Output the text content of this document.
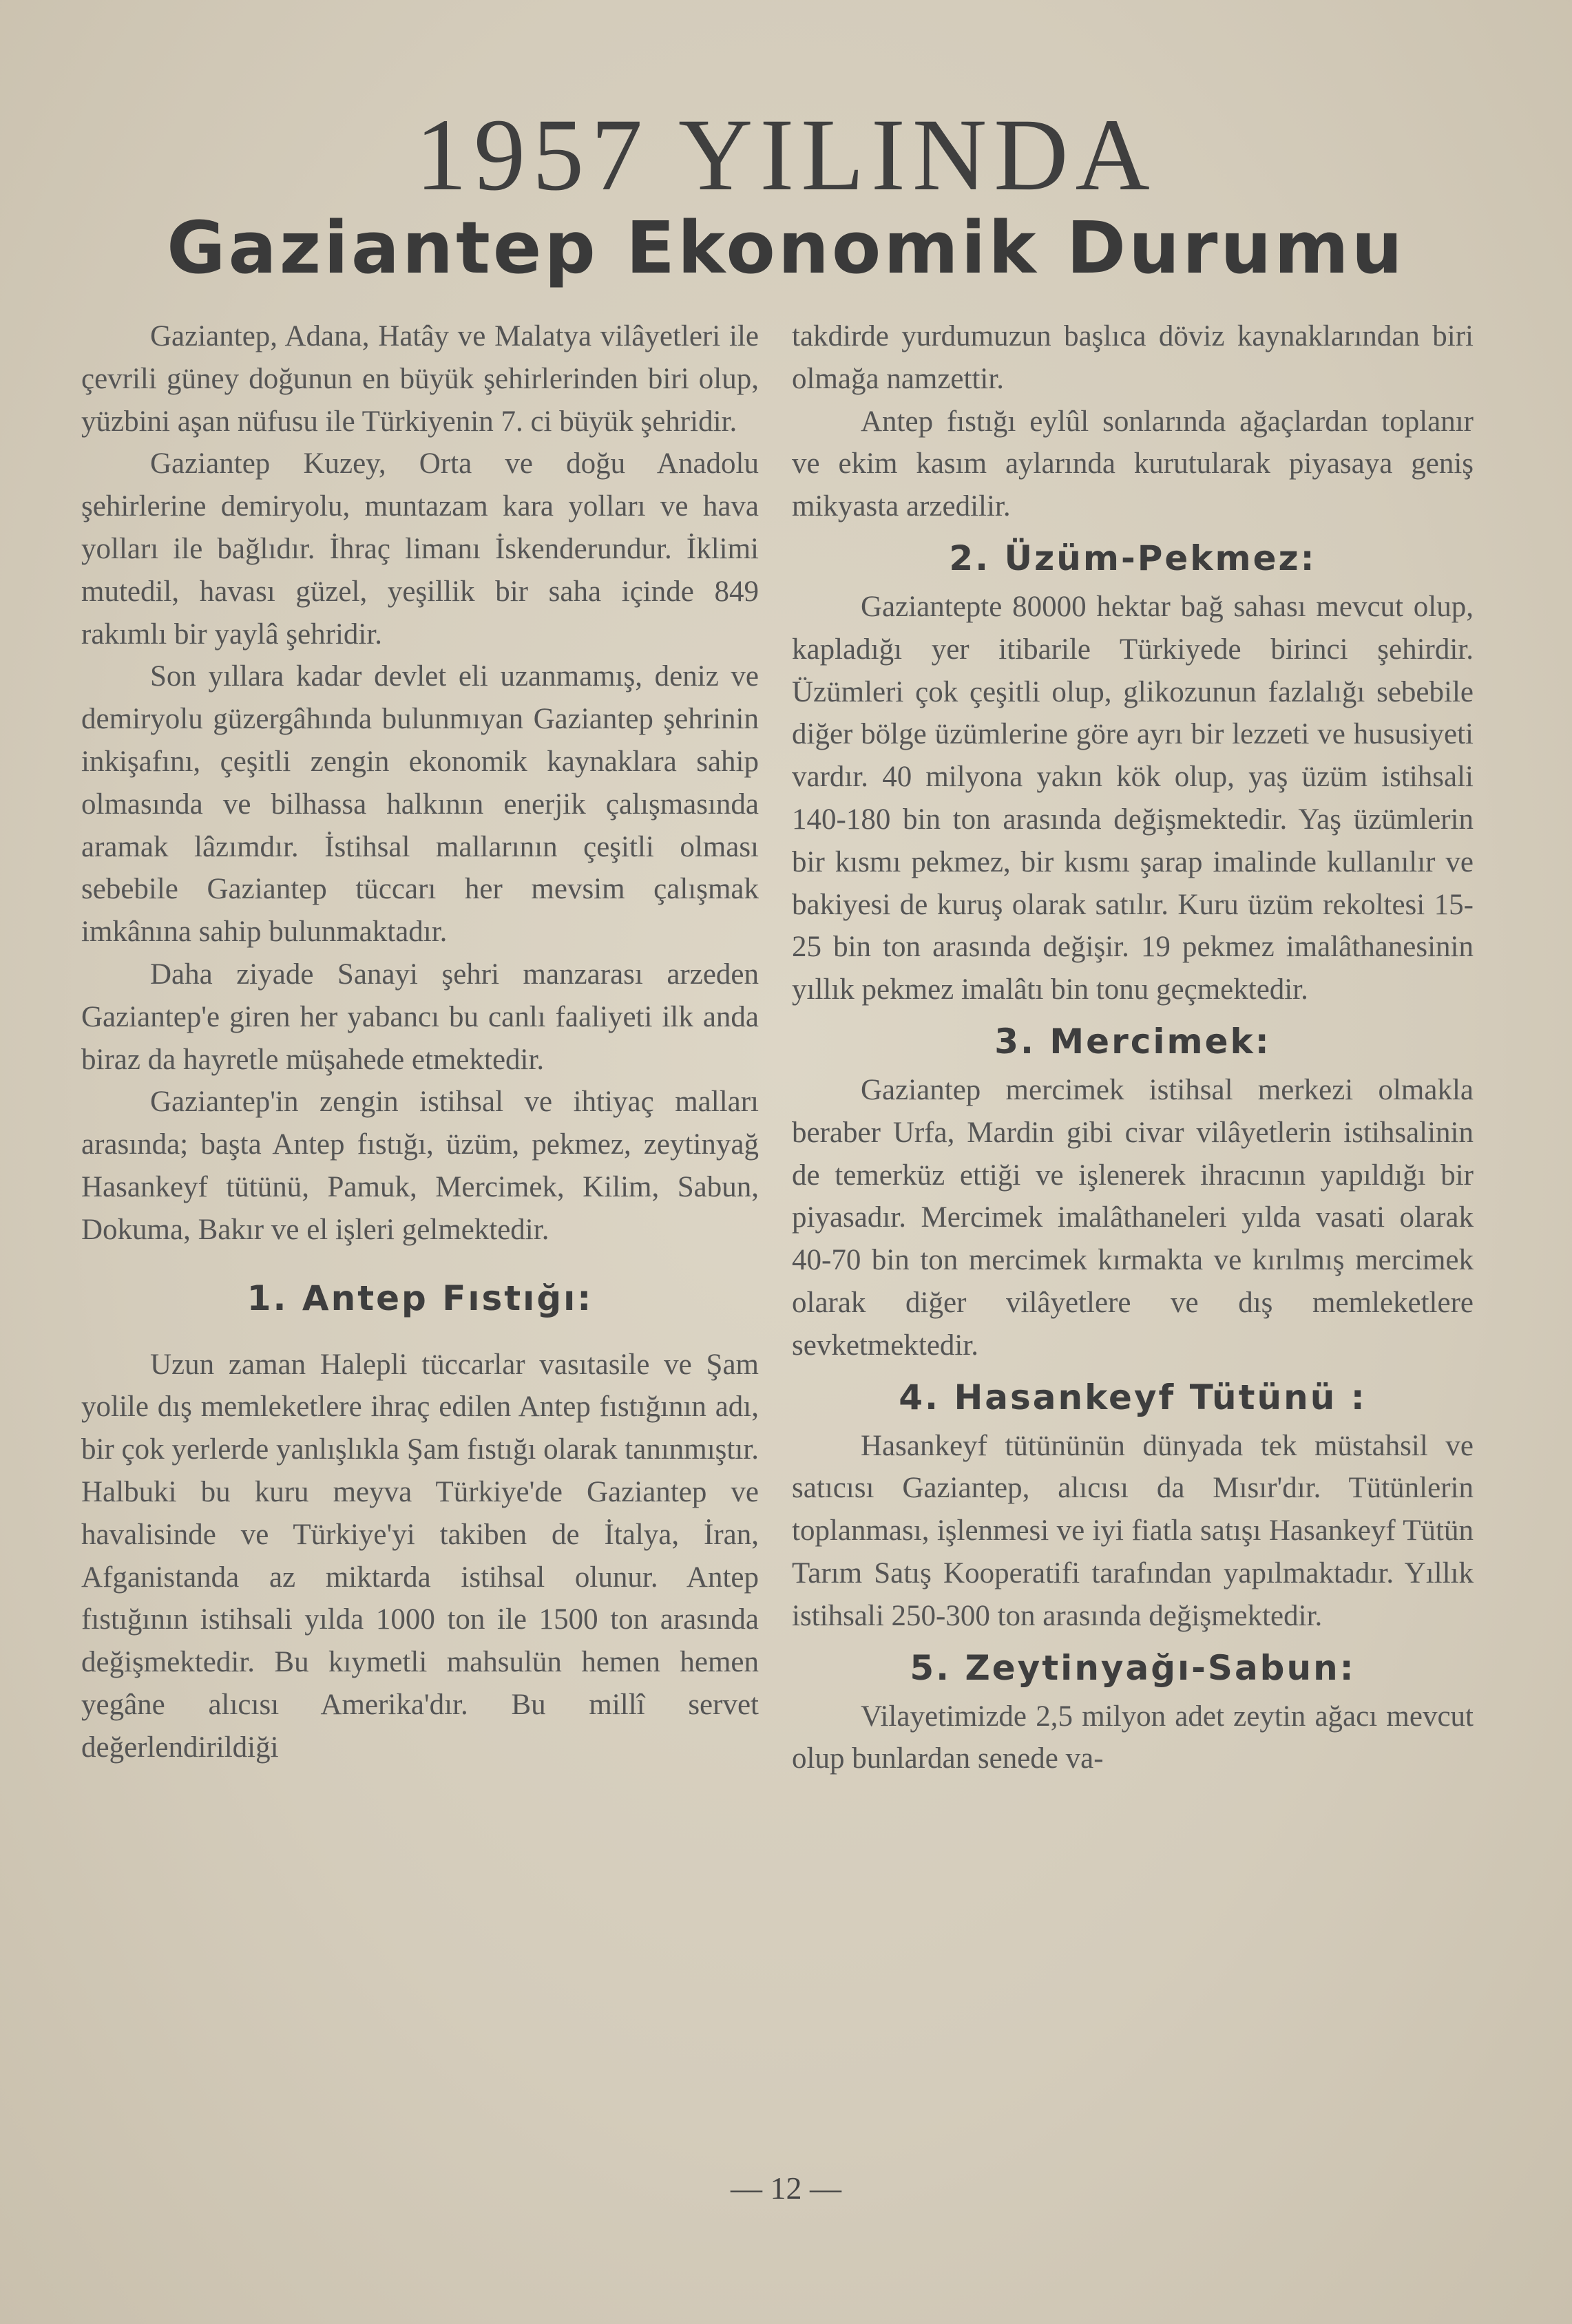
1957 YILINDA
Gaziantep Ekonomik Durumu

Gaziantep, Adana, Hatây ve Malatya vilâyetleri ile çevrili güney doğunun en büyük şehirlerinden biri olup, yüzbini aşan nüfusu ile Türkiyenin 7. ci büyük şehridir.

Gaziantep Kuzey, Orta ve doğu Anadolu şehirlerine demiryolu, muntazam kara yolları ve hava yolları ile bağlıdır. İhraç limanı İskenderundur. İklimi mutedil, havası güzel, yeşillik bir saha içinde 849 rakımlı bir yaylâ şehridir.

Son yıllara kadar devlet eli uzanmamış, deniz ve demiryolu güzergâhında bulunmıyan Gaziantep şehrinin inkişafını, çeşitli zengin ekonomik kaynaklara sahip olmasında ve bilhassa halkının enerjik çalışmasında aramak lâzımdır. İstihsal mallarının çeşitli olması sebebile Gaziantep tüccarı her mevsim çalışmak imkânına sahip bulunmaktadır.

Daha ziyade Sanayi şehri manzarası arzeden Gaziantep'e giren her yabancı bu canlı faaliyeti ilk anda biraz da hayretle müşahede etmektedir.

Gaziantep'in zengin istihsal ve ihtiyaç malları arasında; başta Antep fıstığı, üzüm, pekmez, zeytinyağ Hasankeyf tütünü, Pamuk, Mercimek, Kilim, Sabun, Dokuma, Bakır ve el işleri gelmektedir.

1. Antep Fıstığı:

Uzun zaman Halepli tüccarlar vasıtasile ve Şam yolile dış memleketlere ihraç edilen Antep fıstığının adı, bir çok yerlerde yanlışlıkla Şam fıstığı olarak tanınmıştır. Halbuki bu kuru meyva Türkiye'de Gaziantep ve havalisinde ve Türkiye'yi takiben de İtalya, İran, Afganistanda az miktarda istihsal olunur. Antep fıstığının istihsali yılda 1000 ton ile 1500 ton arasında değişmektedir. Bu kıymetli mahsulün hemen hemen yegâne alıcısı Amerika'dır. Bu millî servet değerlendirildiği

takdirde yurdumuzun başlıca döviz kaynaklarından biri olmağa namzettir.

Antep fıstığı eylûl sonlarında ağaçlardan toplanır ve ekim kasım aylarında kurutularak piyasaya geniş mikyasta arzedilir.

2. Üzüm-Pekmez:

Gaziantepte 80000 hektar bağ sahası mevcut olup, kapladığı yer itibarile Türkiyede birinci şehirdir. Üzümleri çok çeşitli olup, glikozunun fazlalığı sebebile diğer bölge üzümlerine göre ayrı bir lezzeti ve hususiyeti vardır. 40 milyona yakın kök olup, yaş üzüm istihsali 140-180 bin ton arasında değişmektedir. Yaş üzümlerin bir kısmı pekmez, bir kısmı şarap imalinde kullanılır ve bakiyesi de kuruş olarak satılır. Kuru üzüm rekoltesi 15-25 bin ton arasında değişir. 19 pekmez imalâthanesinin yıllık pekmez imalâtı bin tonu geçmektedir.

3. Mercimek:

Gaziantep mercimek istihsal merkezi olmakla beraber Urfa, Mardin gibi civar vilâyetlerin istihsalinin de temerküz ettiği ve işlenerek ihracının yapıldığı bir piyasadır. Mercimek imalâthaneleri yılda vasati olarak 40-70 bin ton mercimek kırmakta ve kırılmış mercimek olarak diğer vilâyetlere ve dış memleketlere sevketmektedir.

4. Hasankeyf Tütünü :

Hasankeyf tütününün dünyada tek müstahsil ve satıcısı Gaziantep, alıcısı da Mısır'dır. Tütünlerin toplanması, işlenmesi ve iyi fiatla satışı Hasankeyf Tütün Tarım Satış Kooperatifi tarafından yapılmaktadır. Yıllık istihsali 250-300 ton arasında değişmektedir.

5. Zeytinyağı-Sabun:

Vilayetimizde 2,5 milyon adet zeytin ağacı mevcut olup bunlardan senede va-

— 12 —
